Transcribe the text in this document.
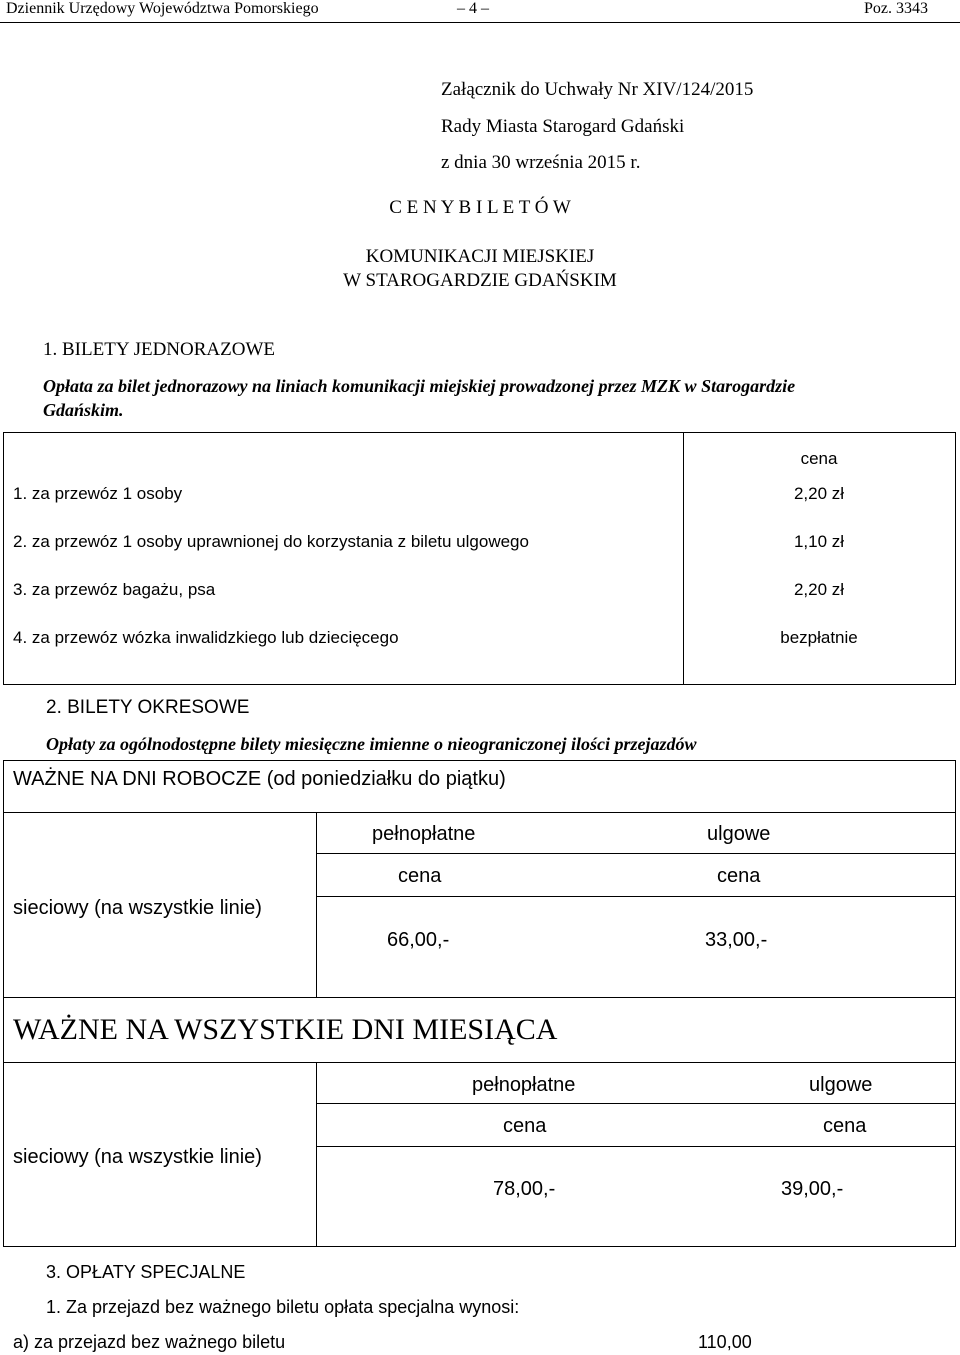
Dziennik Urzędowy Województwa Pomorskiego	– 4 –	Poz. 3343
Załącznik do Uchwały Nr XIV/124/2015
Rady Miasta Starogard Gdański
z dnia 30 września 2015 r.
C E N Y B I L E T Ó W
KOMUNIKACJI MIEJSKIEJ
W STAROGARDZIE GDAŃSKIM
1. BILETY JEDNORAZOWE
Opłata za bilet jednorazowy na liniach komunikacji miejskiej prowadzonej przez MZK w Starogardzie
Gdańskim.
cena
1. za przewóz 1 osoby	2,20 zł
2. za przewóz 1 osoby uprawnionej do korzystania z biletu ulgowego	1,10 zł
3. za przewóz bagażu, psa	2,20 zł
4. za przewóz wózka inwalidzkiego lub dziecięcego	bezpłatnie
2. BILETY OKRESOWE
Opłaty za ogólnodostępne bilety miesięczne imienne o nieograniczonej ilości przejazdów
WAŻNE NA DNI ROBOCZE (od poniedziałku do piątku)
sieciowy (na wszystkie linie)
pełnopłatne	ulgowe
cena	cena
66,00,-	33,00,-
WAŻNE NA WSZYSTKIE DNI MIESIĄCA
sieciowy (na wszystkie linie)
pełnopłatne	ulgowe
cena	cena
78,00,-	39,00,-
3. OPŁATY SPECJALNE
1. Za przejazd bez ważnego biletu opłata specjalna wynosi:
a) za przejazd bez ważnego biletu	110,00
